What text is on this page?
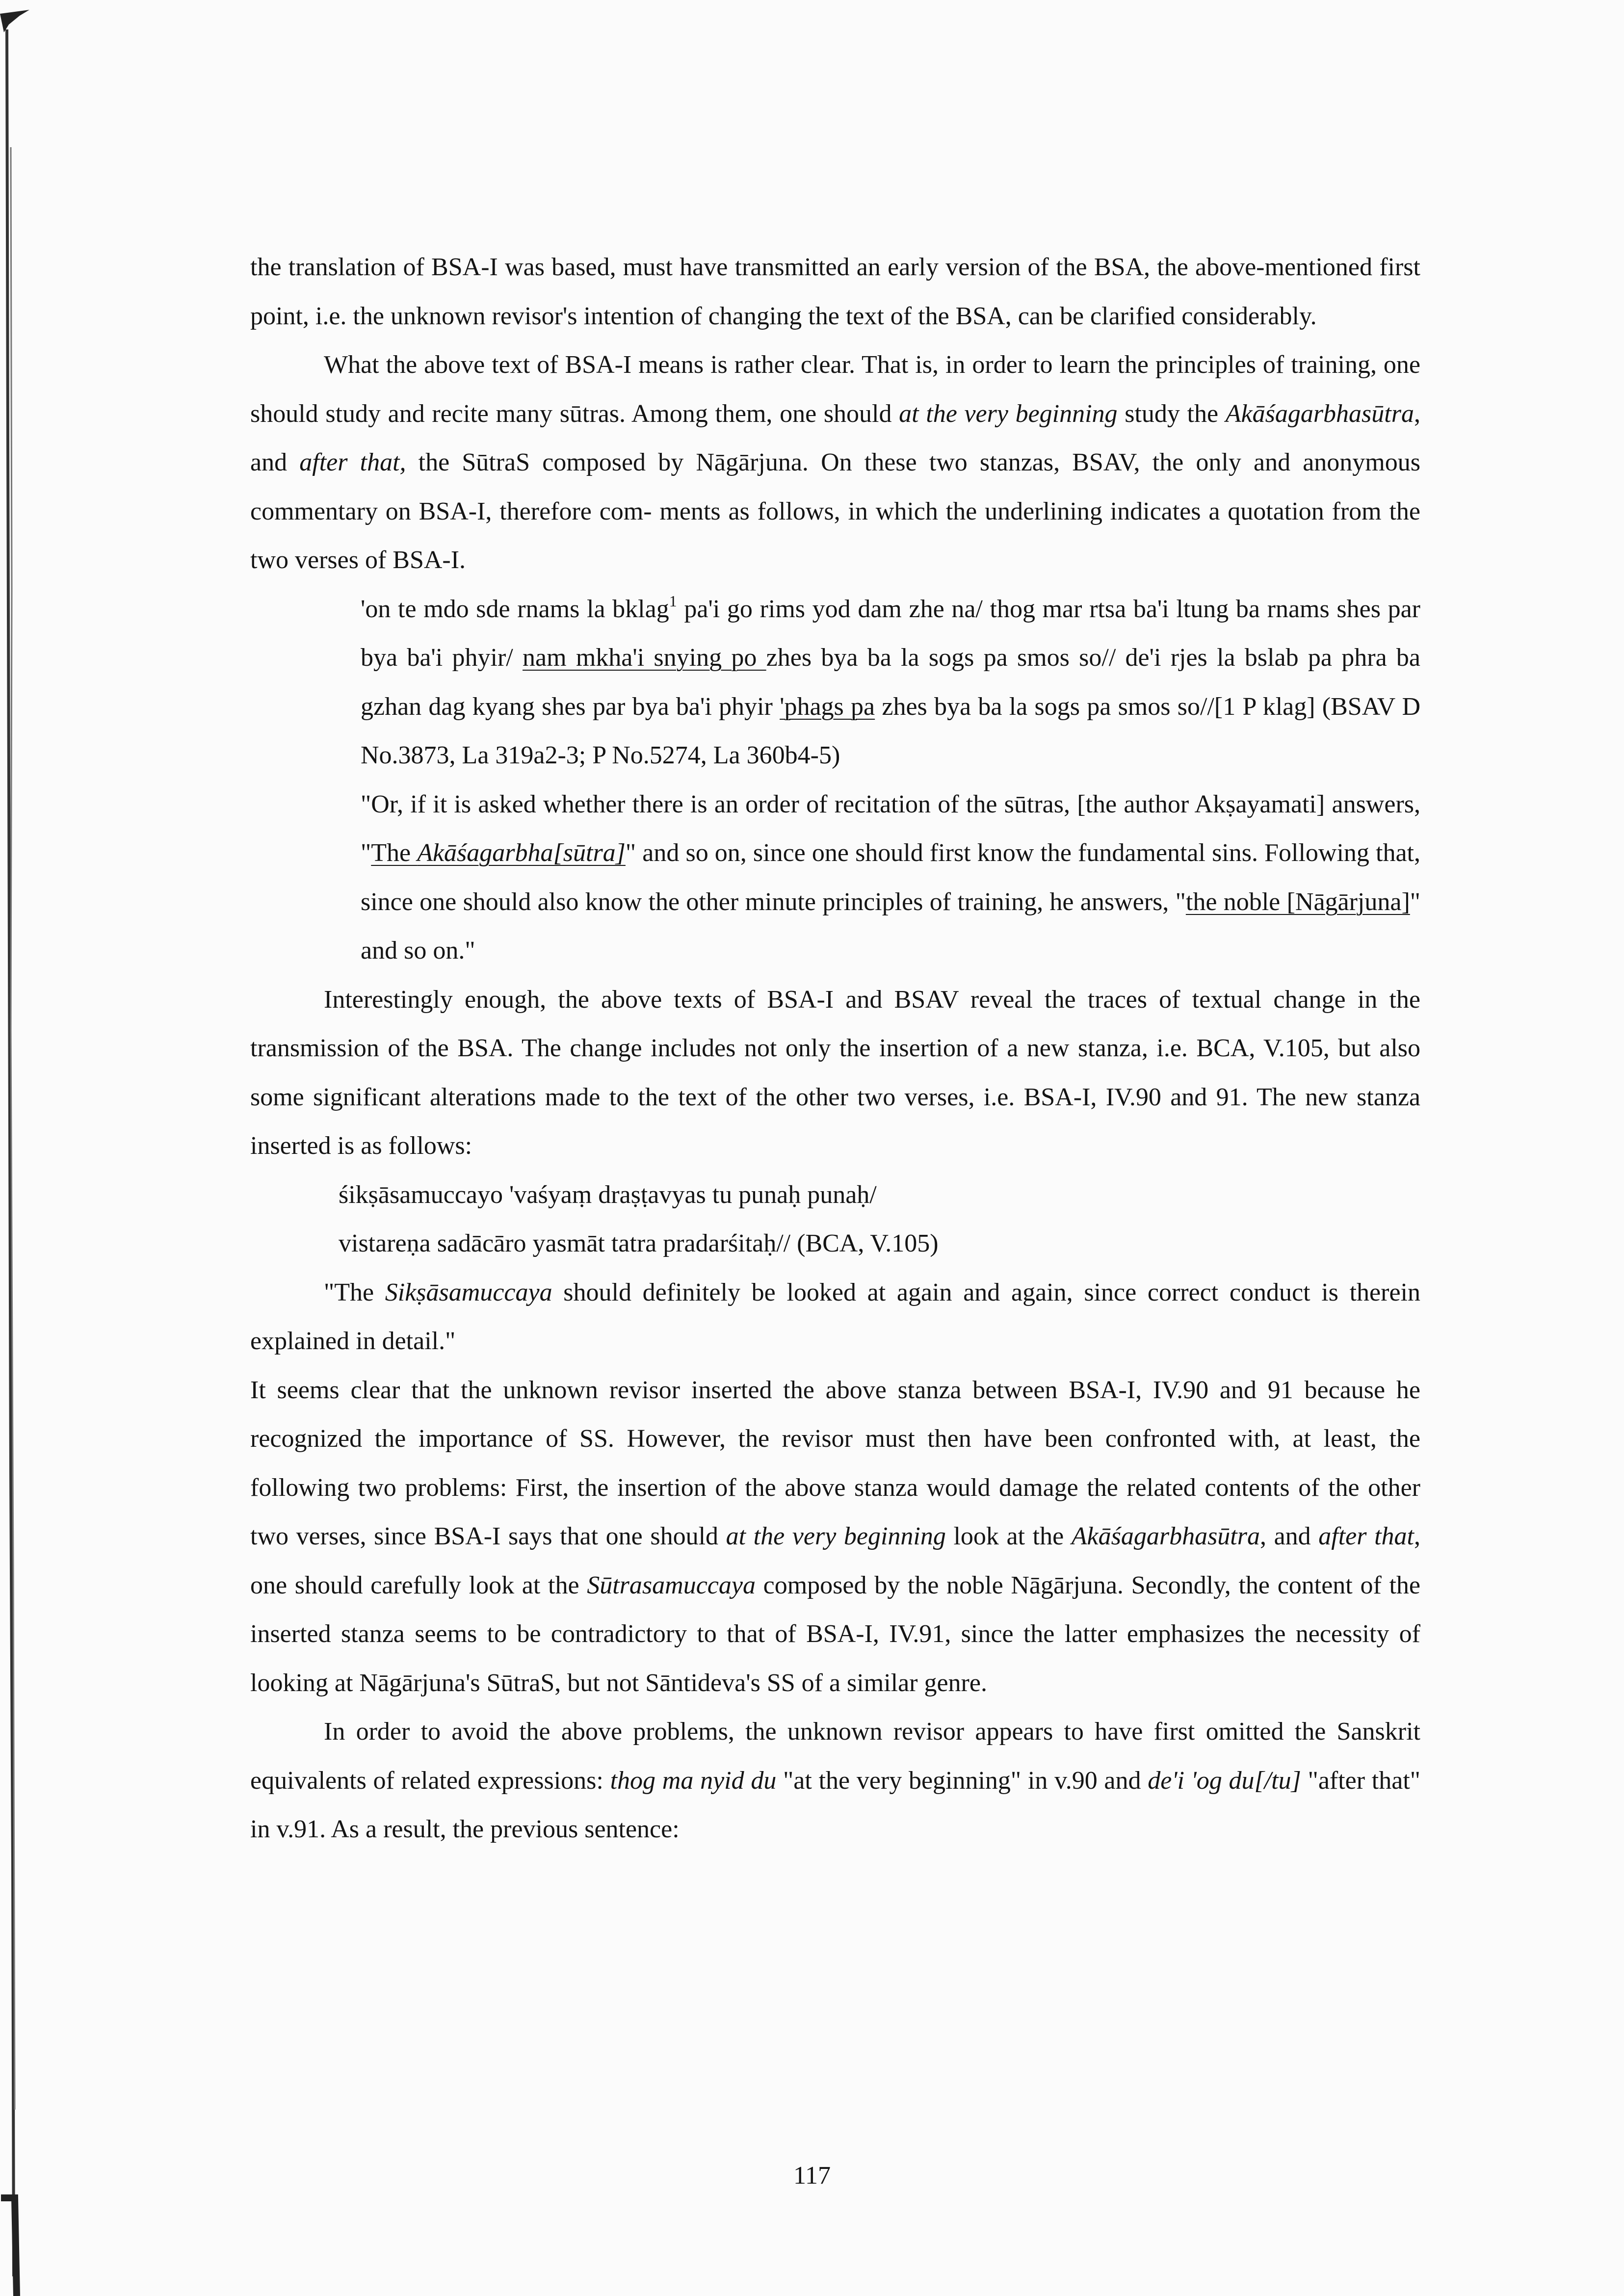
the translation of BSA-I was based, must have transmitted an early version of the BSA, the above-mentioned first point, i.e. the unknown revisor's intention of changing the text of the BSA, can be clarified considerably.

What the above text of BSA-I means is rather clear. That is, in order to learn the principles of training, one should study and recite many sūtras. Among them, one should at the very beginning study the Akāśagarbhasūtra, and after that, the SūtraS composed by Nāgārjuna. On these two stanzas, BSAV, the only and anonymous commentary on BSA-I, therefore com- ments as follows, in which the underlining indicates a quotation from the two verses of BSA-I.

'on te mdo sde rnams la bklag$^1$ pa'i go rims yod dam zhe na/ thog mar rtsa ba'i ltung ba rnams shes par bya ba'i phyir/ nam mkha'i snying po zhes bya ba la sogs pa smos so// de'i rjes la bslab pa phra ba gzhan dag kyang shes par bya ba'i phyir 'phags pa zhes bya ba la sogs pa smos so//[1 P klag] (BSAV D No.3873, La 319a2-3; P No.5274, La 360b4-5)

"Or, if it is asked whether there is an order of recitation of the sūtras, [the author Akṣayamati] answers, "The Akāśagarbha[sūtra]" and so on, since one should first know the fundamental sins. Following that, since one should also know the other minute principles of training, he answers, "the noble [Nāgārjuna]" and so on."

Interestingly enough, the above texts of BSA-I and BSAV reveal the traces of textual change in the transmission of the BSA. The change includes not only the insertion of a new stanza, i.e. BCA, V.105, but also some significant alterations made to the text of the other two verses, i.e. BSA-I, IV.90 and 91. The new stanza inserted is as follows:

śikṣāsamuccayo 'vaśyaṃ draṣṭavyas tu punaḥ punaḥ/

vistareṇa sadācāro yasmāt tatra pradarśitaḥ// (BCA, V.105)

"The Sikṣāsamuccaya should definitely be looked at again and again, since correct conduct is therein explained in detail."

It seems clear that the unknown revisor inserted the above stanza between BSA-I, IV.90 and 91 because he recognized the importance of SS. However, the revisor must then have been confronted with, at least, the following two problems: First, the insertion of the above stanza would damage the related contents of the other two verses, since BSA-I says that one should at the very beginning look at the Akāśagarbhasūtra, and after that, one should carefully look at the Sūtrasamuccaya composed by the noble Nāgārjuna. Secondly, the content of the inserted stanza seems to be contradictory to that of BSA-I, IV.91, since the latter emphasizes the necessity of looking at Nāgārjuna's SūtraS, but not Sāntideva's SS of a similar genre.

In order to avoid the above problems, the unknown revisor appears to have first omitted the Sanskrit equivalents of related expressions: thog ma nyid du "at the very beginning" in v.90 and de'i 'og du[/tu] "after that" in v.91. As a result, the previous sentence:

117
